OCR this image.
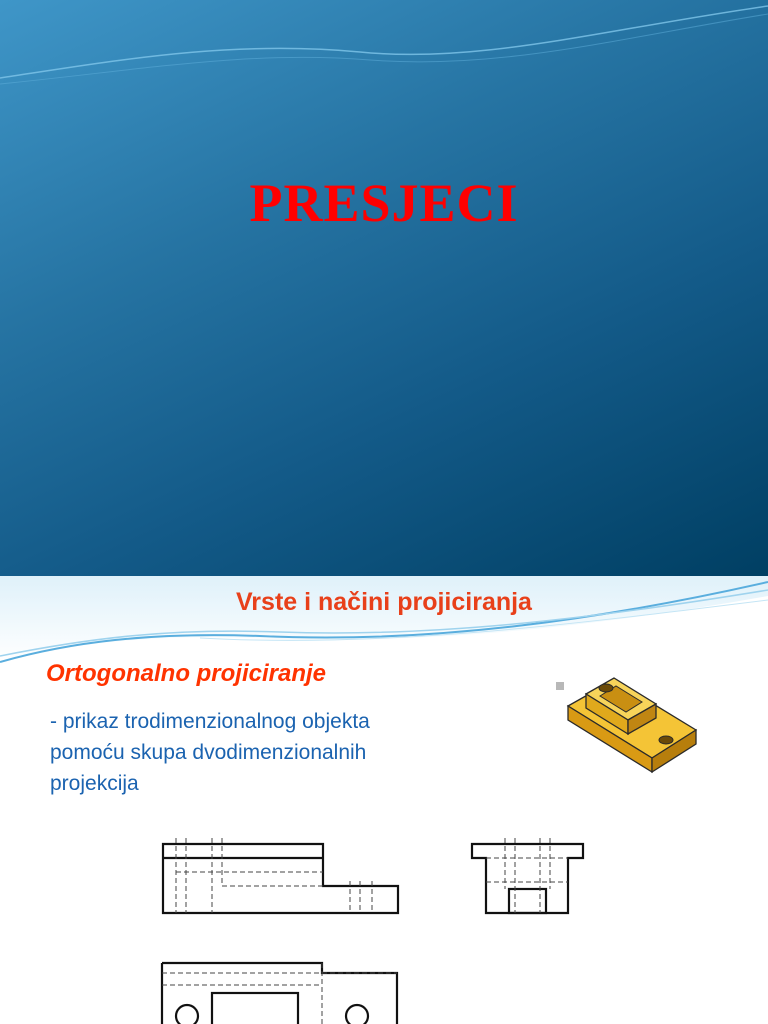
PRESJECI
Vrste i načini projiciranja
Ortogonalno projiciranje

- prikaz trodimenzionalnog objekta
pomoću skupa dvodimenzionalnih
projekcija
